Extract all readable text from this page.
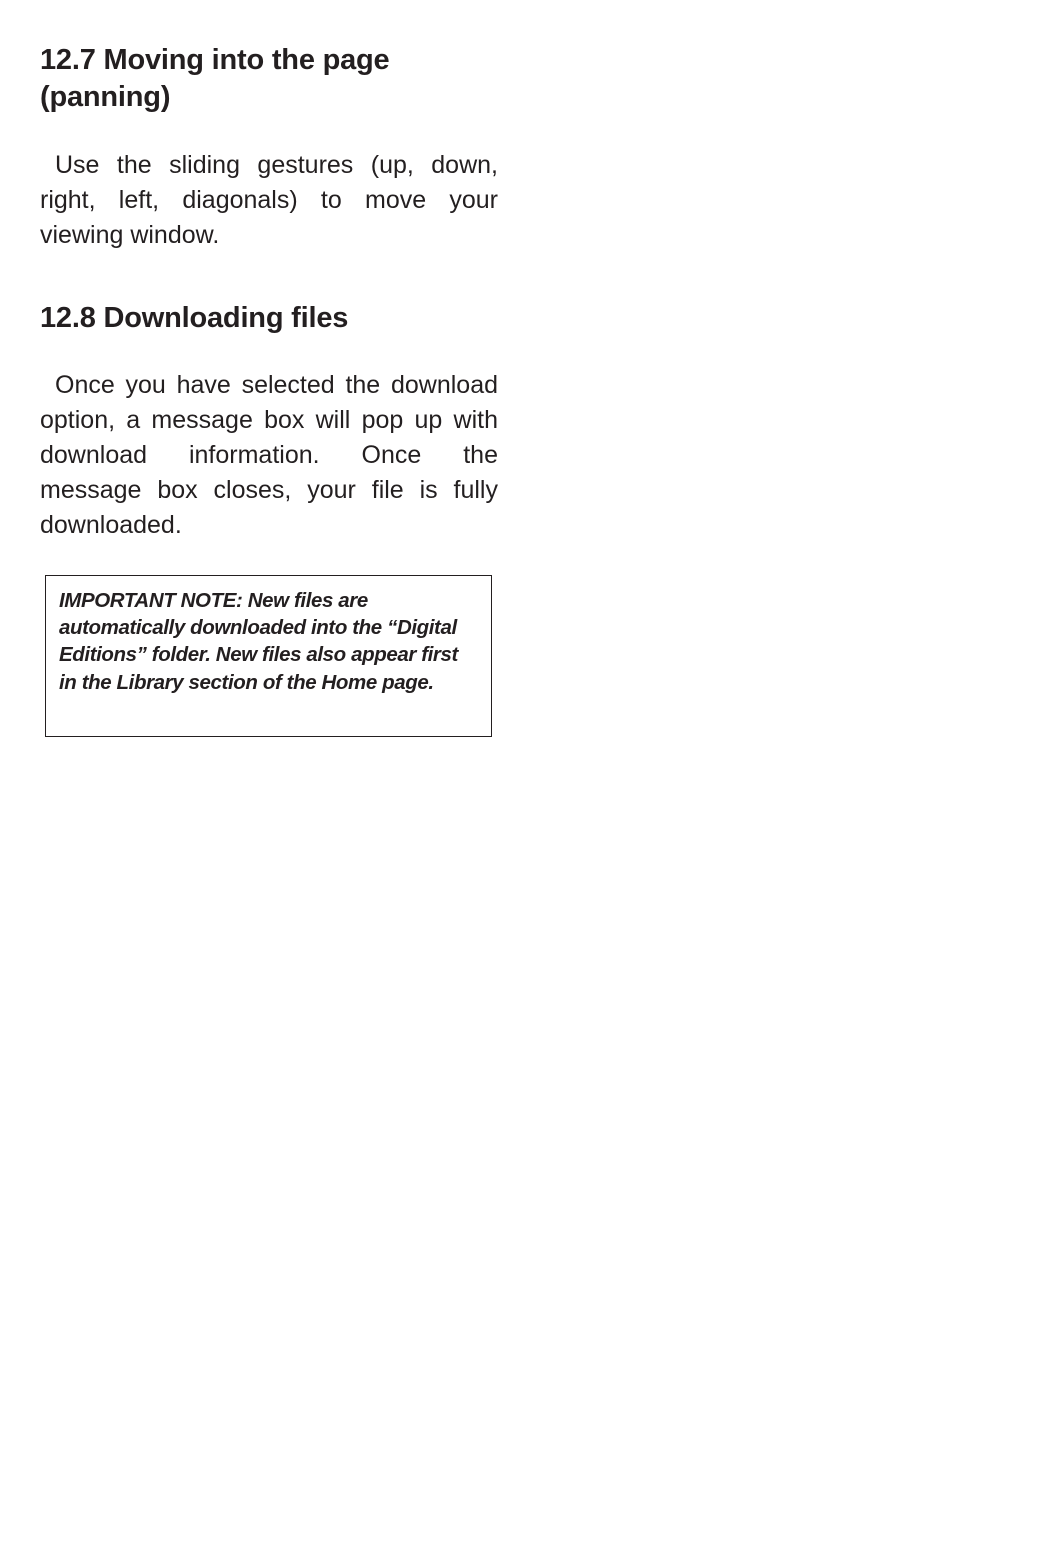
12.7 Moving into the page (panning)

Use the sliding gestures (up, down, right, left, diagonals) to move your viewing window.

12.8 Downloading files

Once you have selected the download option, a message box will pop up with download information. Once the message box closes, your file is fully downloaded.

IMPORTANT NOTE: New files are automatically downloaded into the “Digital Editions” folder. New files also appear first in the Library section of the Home page.
